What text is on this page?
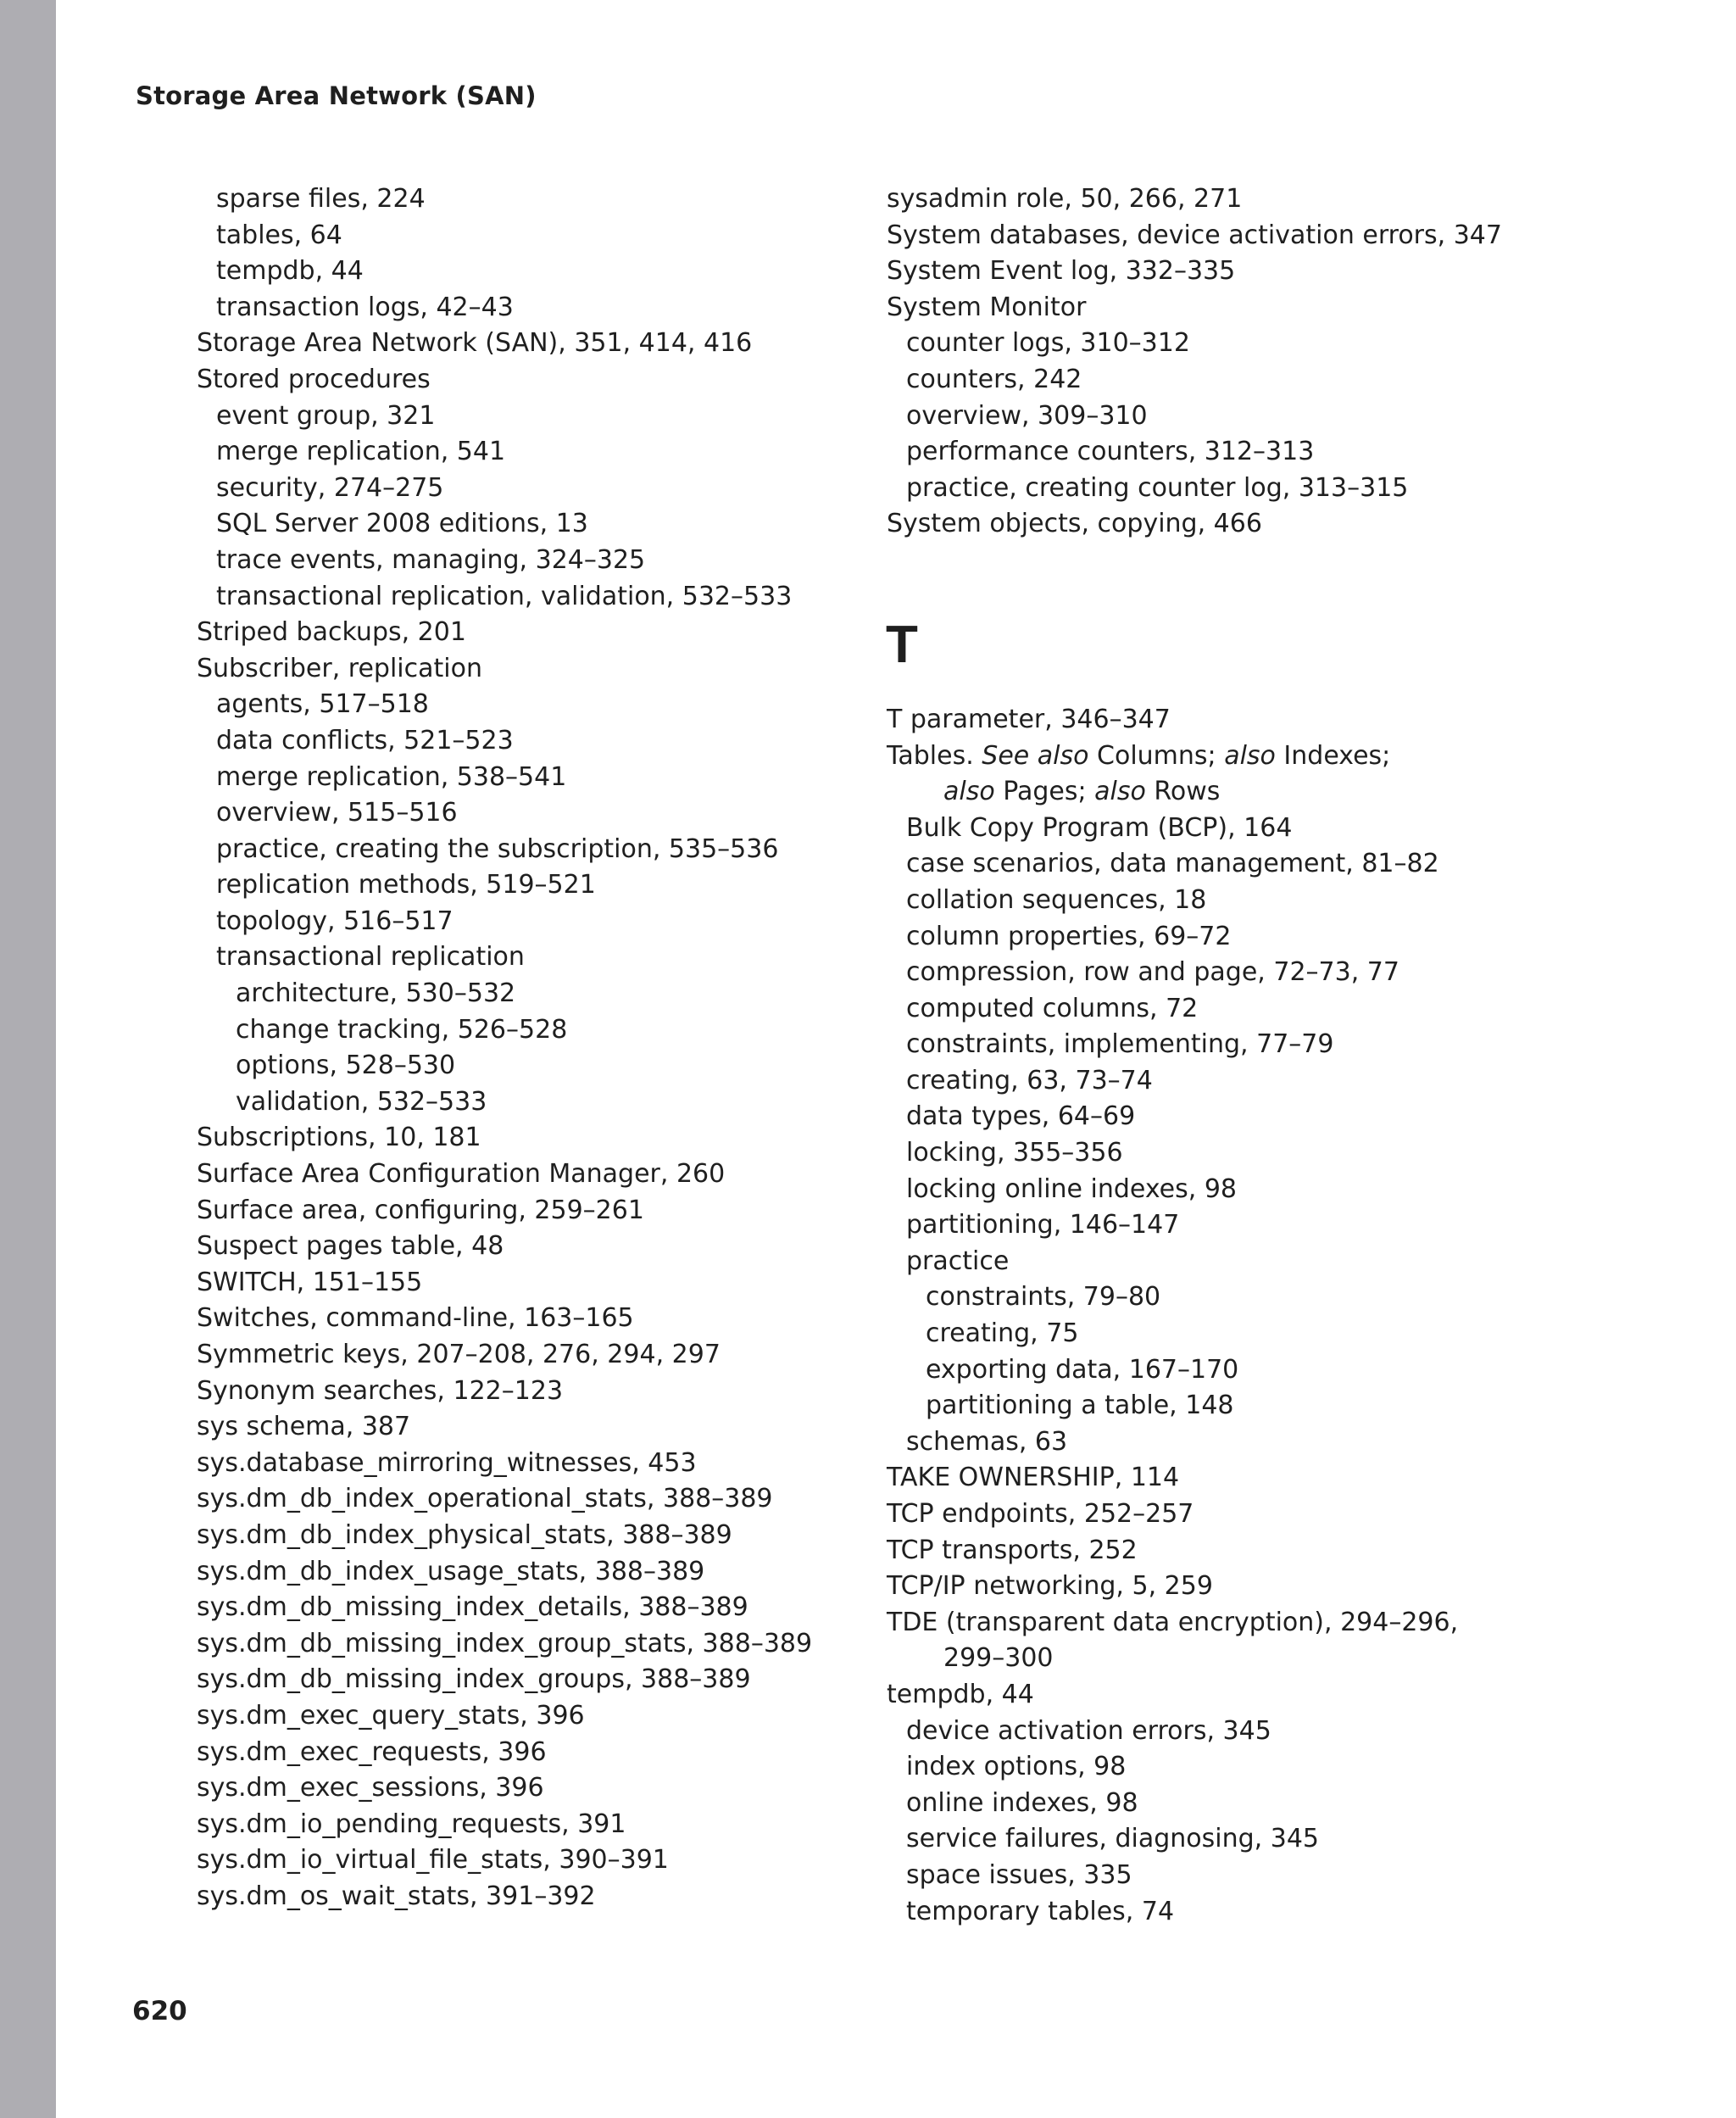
Storage Area Network (SAN)
sparse files, 224
tables, 64
tempdb, 44
transaction logs, 42–43
Storage Area Network (SAN), 351, 414, 416
Stored procedures
event group, 321
merge replication, 541
security, 274–275
SQL Server 2008 editions, 13
trace events, managing, 324–325
transactional replication, validation, 532–533
Striped backups, 201
Subscriber, replication
agents, 517–518
data conflicts, 521–523
merge replication, 538–541
overview, 515–516
practice, creating the subscription, 535–536
replication methods, 519–521
topology, 516–517
transactional replication
architecture, 530–532
change tracking, 526–528
options, 528–530
validation, 532–533
Subscriptions, 10, 181
Surface Area Configuration Manager, 260
Surface area, configuring, 259–261
Suspect pages table, 48
SWITCH, 151–155
Switches, command-line, 163–165
Symmetric keys, 207–208, 276, 294, 297
Synonym searches, 122–123
sys schema, 387
sys.database_mirroring_witnesses, 453
sys.dm_db_index_operational_stats, 388–389
sys.dm_db_index_physical_stats, 388–389
sys.dm_db_index_usage_stats, 388–389
sys.dm_db_missing_index_details, 388–389
sys.dm_db_missing_index_group_stats, 388–389
sys.dm_db_missing_index_groups, 388–389
sys.dm_exec_query_stats, 396
sys.dm_exec_requests, 396
sys.dm_exec_sessions, 396
sys.dm_io_pending_requests, 391
sys.dm_io_virtual_file_stats, 390–391
sys.dm_os_wait_stats, 391–392
sysadmin role, 50, 266, 271
System databases, device activation errors, 347
System Event log, 332–335
System Monitor
counter logs, 310–312
counters, 242
overview, 309–310
performance counters, 312–313
practice, creating counter log, 313–315
System objects, copying, 466
T
T parameter, 346–347
Tables. See also Columns; also Indexes;
also Pages; also Rows
Bulk Copy Program (BCP), 164
case scenarios, data management, 81–82
collation sequences, 18
column properties, 69–72
compression, row and page, 72–73, 77
computed columns, 72
constraints, implementing, 77–79
creating, 63, 73–74
data types, 64–69
locking, 355–356
locking online indexes, 98
partitioning, 146–147
practice
constraints, 79–80
creating, 75
exporting data, 167–170
partitioning a table, 148
schemas, 63
TAKE OWNERSHIP, 114
TCP endpoints, 252–257
TCP transports, 252
TCP/IP networking, 5, 259
TDE (transparent data encryption), 294–296,
299–300
tempdb, 44
device activation errors, 345
index options, 98
online indexes, 98
service failures, diagnosing, 345
space issues, 335
temporary tables, 74
620
